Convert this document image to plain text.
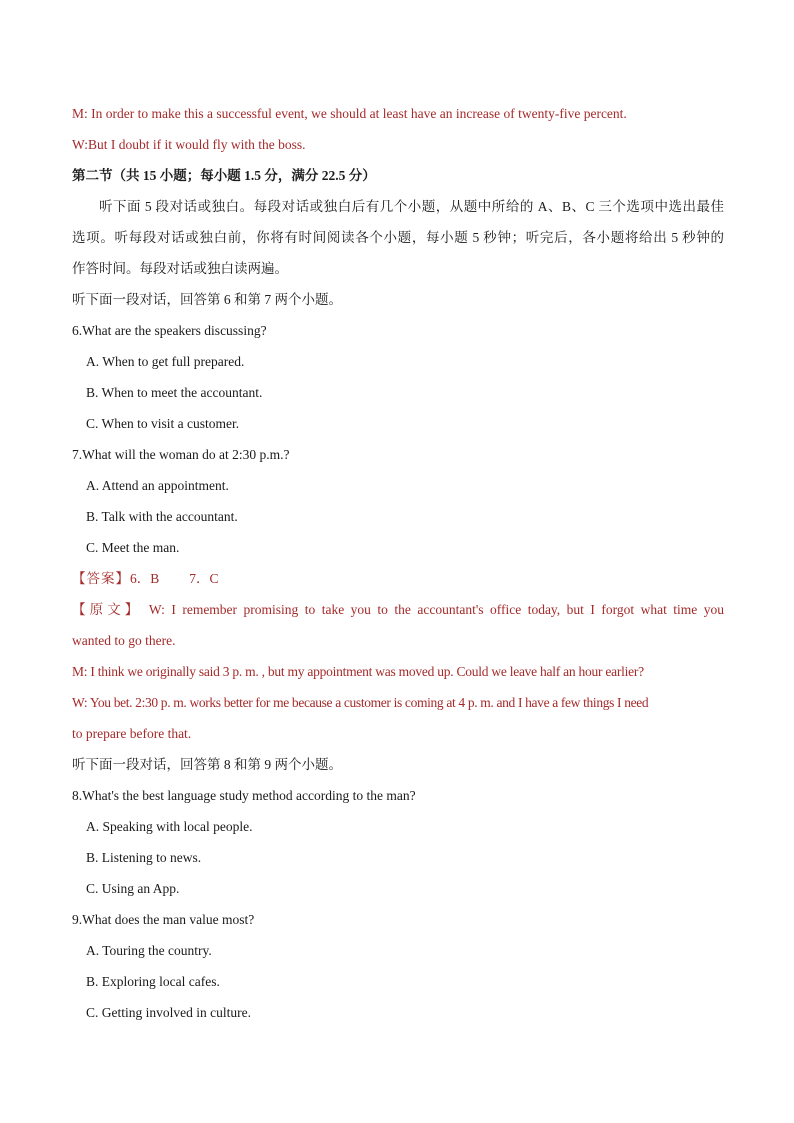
M: In order to make this a successful event, we should at least have an increase of twenty-five percent.
W:But I doubt if it would fly with the boss.
第二节（共 15 小题；每小题 1.5 分，满分 22.5 分）
听下面 5 段对话或独白。每段对话或独白后有几个小题，从题中所给的 A、B、C 三个选项中选出最佳
选项。听每段对话或独白前，你将有时间阅读各个小题，每小题 5 秒钟；听完后，各小题将给出 5 秒钟的
作答时间。每段对话或独白读两遍。
听下面一段对话，回答第 6 和第 7 两个小题。
6.What are the speakers discussing?
A. When to get full prepared.
B. When to meet the accountant.
C. When to visit a customer.
7.What will the woman do at 2:30 p.m.?
A. Attend an appointment.
B. Talk with the accountant.
C. Meet the man.
【答案】6．B 7．C
【原文】 W: I remember promising to take you to the accountant's office today, but I forgot what time you
wanted to go there.
M: I think we originally said 3 p. m. , but my appointment was moved up. Could we leave half an hour earlier?
W: You bet. 2:30 p. m. works better for me because a customer is coming at 4 p. m. and I have a few things I need
to prepare before that.
听下面一段对话，回答第 8 和第 9 两个小题。
8.What's the best language study method according to the man?
A. Speaking with local people.
B. Listening to news.
C. Using an App.
9.What does the man value most?
A. Touring the country.
B. Exploring local cafes.
C. Getting involved in culture.
